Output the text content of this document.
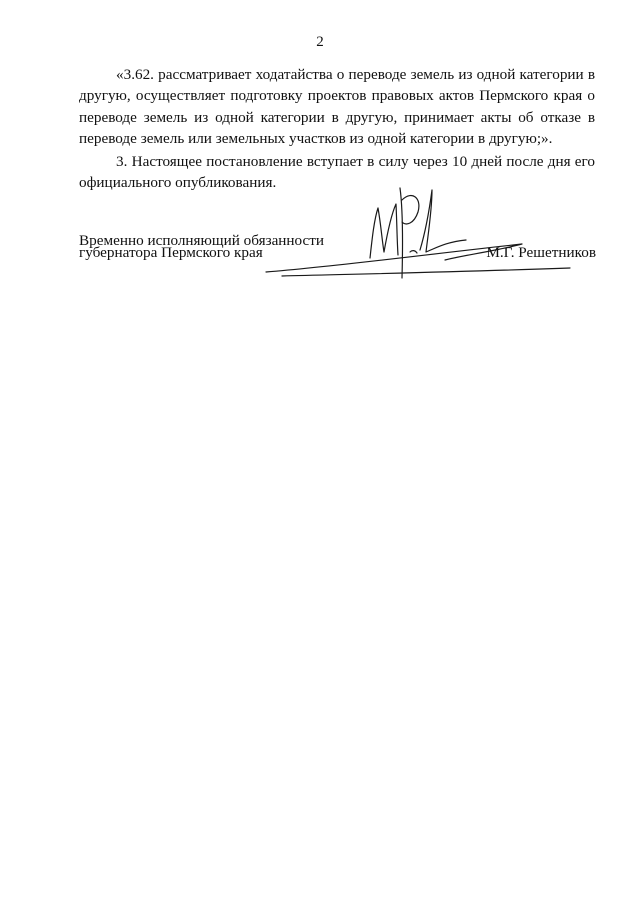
2

«3.62. рассматривает ходатайства о переводе земель из одной категории в другую, осуществляет подготовку проектов правовых актов Пермского края о переводе земель из одной категории в другую, принимает акты об отказе в переводе земель или земельных участков из одной категории в другую;».

3. Настоящее постановление вступает в силу через 10 дней после дня его официального опубликования.

Временно исполняющий обязанности
губернатора Пермского края	М.Г. Решетников
